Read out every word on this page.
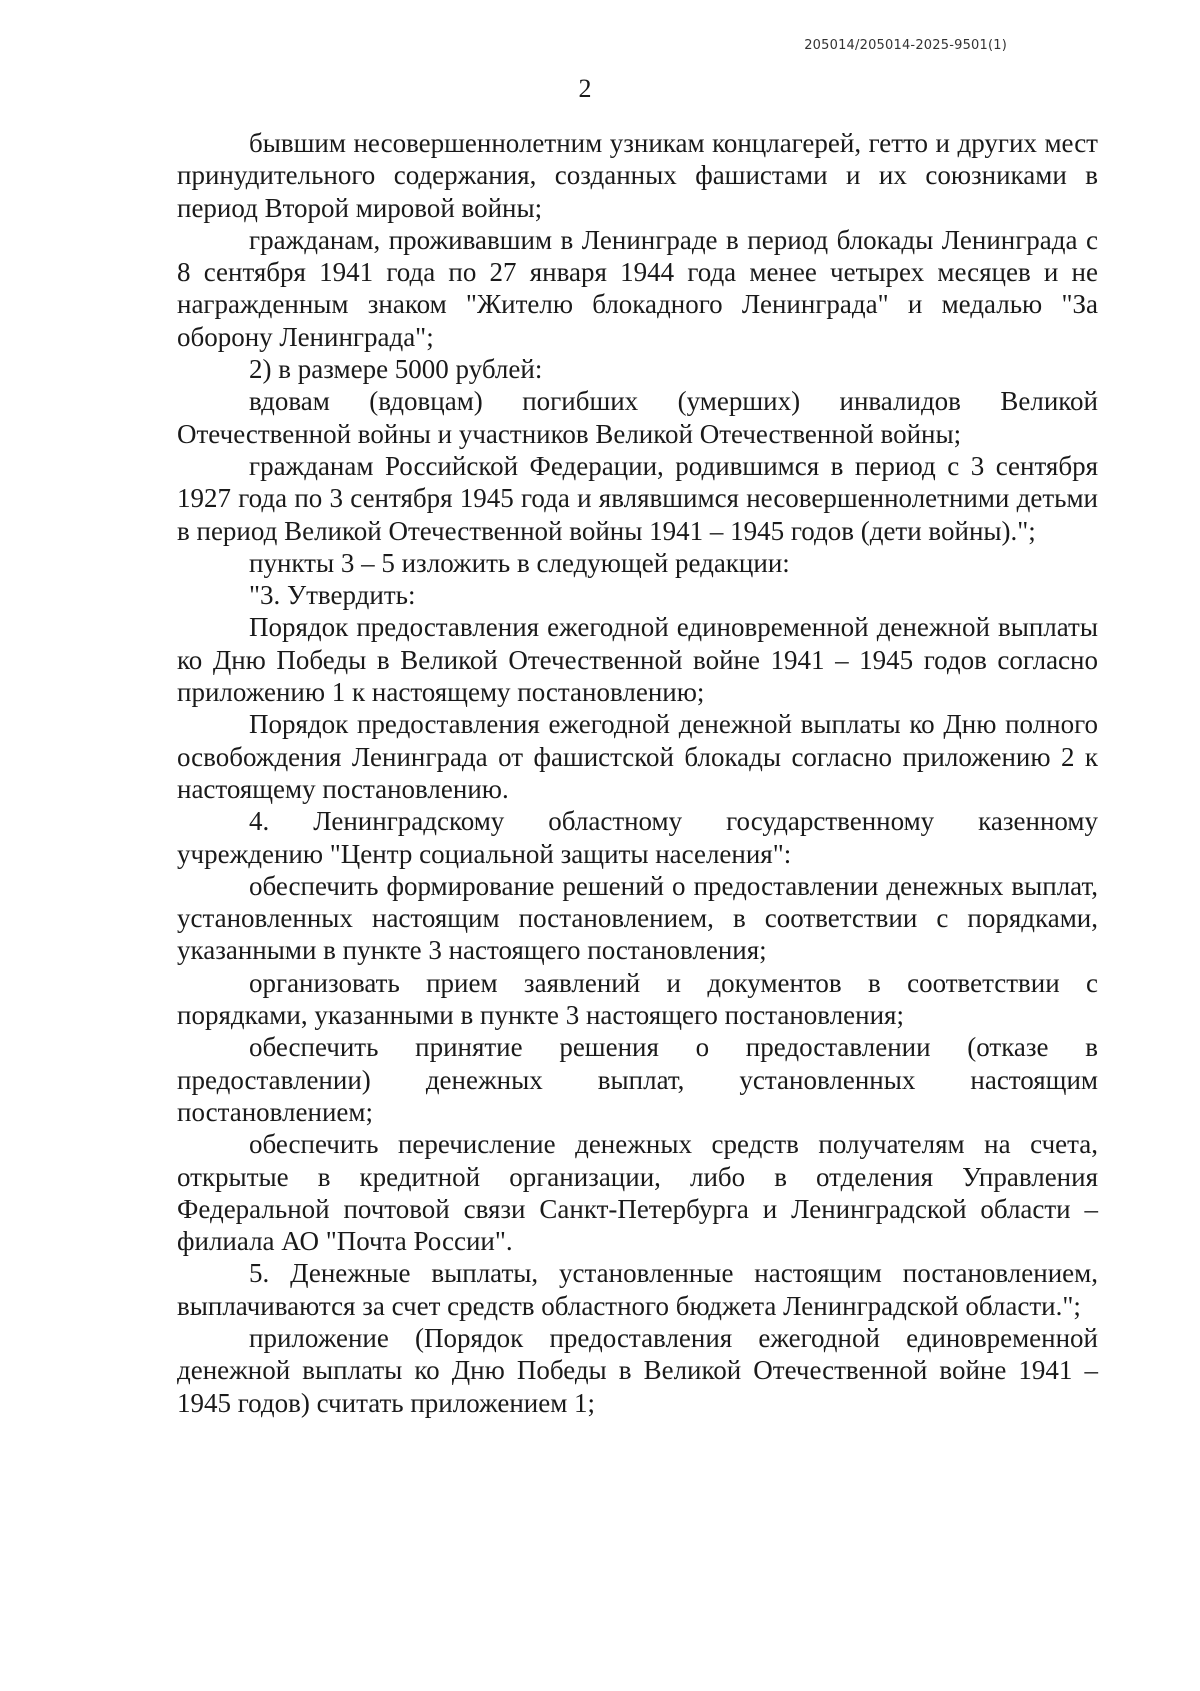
205014/205014-2025-9501(1)
2

бывшим несовершеннолетним узникам концлагерей, гетто и других мест принудительного содержания, созданных фашистами и их союзниками в период Второй мировой войны;

гражданам, проживавшим в Ленинграде в период блокады Ленинграда с 8 сентября 1941 года по 27 января 1944 года менее четырех месяцев и не награжденным знаком "Жителю блокадного Ленинграда" и медалью "За оборону Ленинграда";

2) в размере 5000 рублей:

вдовам (вдовцам) погибших (умерших) инвалидов Великой Отечественной войны и участников Великой Отечественной войны;

гражданам Российской Федерации, родившимся в период с 3 сентября 1927 года по 3 сентября 1945 года и являвшимся несовершеннолетними детьми в период Великой Отечественной войны 1941 – 1945 годов (дети войны).";

пункты 3 – 5 изложить в следующей редакции:

"3. Утвердить:

Порядок предоставления ежегодной единовременной денежной выплаты ко Дню Победы в Великой Отечественной войне 1941 – 1945 годов согласно приложению 1 к настоящему постановлению;

Порядок предоставления ежегодной денежной выплаты ко Дню полного освобождения Ленинграда от фашистской блокады согласно приложению 2 к настоящему постановлению.

4. Ленинградскому областному государственному казенному учреждению "Центр социальной защиты населения":

обеспечить формирование решений о предоставлении денежных выплат, установленных настоящим постановлением, в соответствии с порядками, указанными в пункте 3 настоящего постановления;

организовать прием заявлений и документов в соответствии с порядками, указанными в пункте 3 настоящего постановления;

обеспечить принятие решения о предоставлении (отказе в предоставлении) денежных выплат, установленных настоящим постановлением;

обеспечить перечисление денежных средств получателям на счета, открытые в кредитной организации, либо в отделения Управления Федеральной почтовой связи Санкт-Петербурга и Ленинградской области – филиала АО "Почта России".

5. Денежные выплаты, установленные настоящим постановлением, выплачиваются за счет средств областного бюджета Ленинградской области.";

приложение (Порядок предоставления ежегодной единовременной денежной выплаты ко Дню Победы в Великой Отечественной войне 1941 – 1945 годов) считать приложением 1;
